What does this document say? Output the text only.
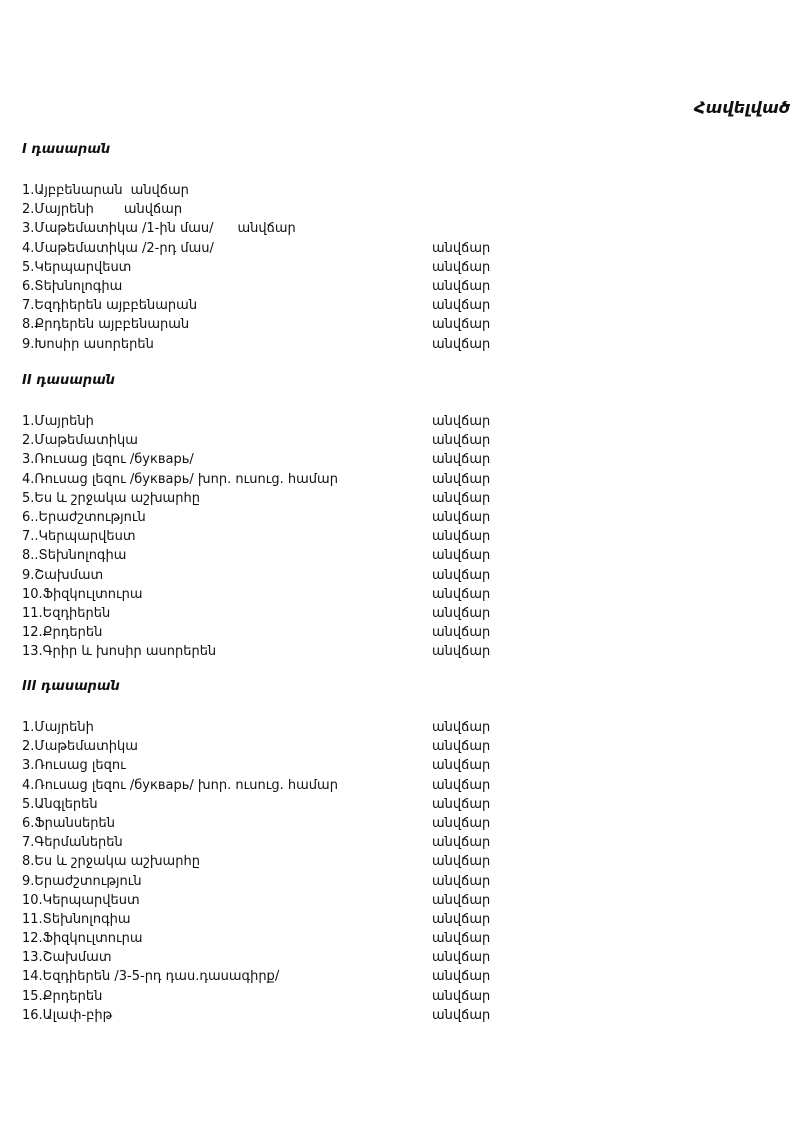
Հավելված
I դասարան
1.Այբբենարան անվճար
2.Մայրենի անվճար
3.Մաթեմատիկա /1-ին մաս/ անվճար
4.Մաթեմատիկա /2-րդ մաս/	անվճար
5.Կերպարվեստ	անվճար
6.Տեխնոլոգիա	անվճար
7.Եզդիերեն այբբենարան	անվճար
8.Քրդերեն այբբենարան	անվճար
9.Խոսիր ասորերեն	անվճար
II դասարան
1.Մայրենի	անվճար
2.Մաթեմատիկա	անվճար
3.Ռուսաց լեզու /букварь/	անվճար
4.Ռուսաց լեզու /букварь/ խոր. ուսուց. համար	անվճար
5.Ես և շրջակա աշխարհը	անվճար
6..Երաժշտություն	անվճար
7..Կերպարվեստ	անվճար
8..Տեխնոլոգիա	անվճար
9.Շախմատ	անվճար
10.Ֆիզկուլտուրա	անվճար
11.Եզդիերեն	անվճար
12.Քրդերեն	անվճար
13.Գրիր և խոսիր ասորերեն	անվճար
III դասարան
1.Մայրենի	անվճար
2.Մաթեմատիկա	անվճար
3.Ռուսաց լեզու	անվճար
4.Ռուսաց լեզու /букварь/ խոր. ուսուց. համար	անվճար
5.Անգլերեն	անվճար
6.Ֆրանսերեն	անվճար
7.Գերմաներեն	անվճար
8.Ես և շրջակա աշխարհը	անվճար
9.Երաժշտություն	անվճար
10.Կերպարվեստ	անվճար
11.Տեխնոլոգիա	անվճար
12.Ֆիզկուլտուրա	անվճար
13.Շախմատ	անվճար
14.Եզդիերեն /3-5-րդ դաս.դասագիրք/	անվճար
15.Քրդերեն	անվճար
16.Ալափ-բիթ	անվճար
